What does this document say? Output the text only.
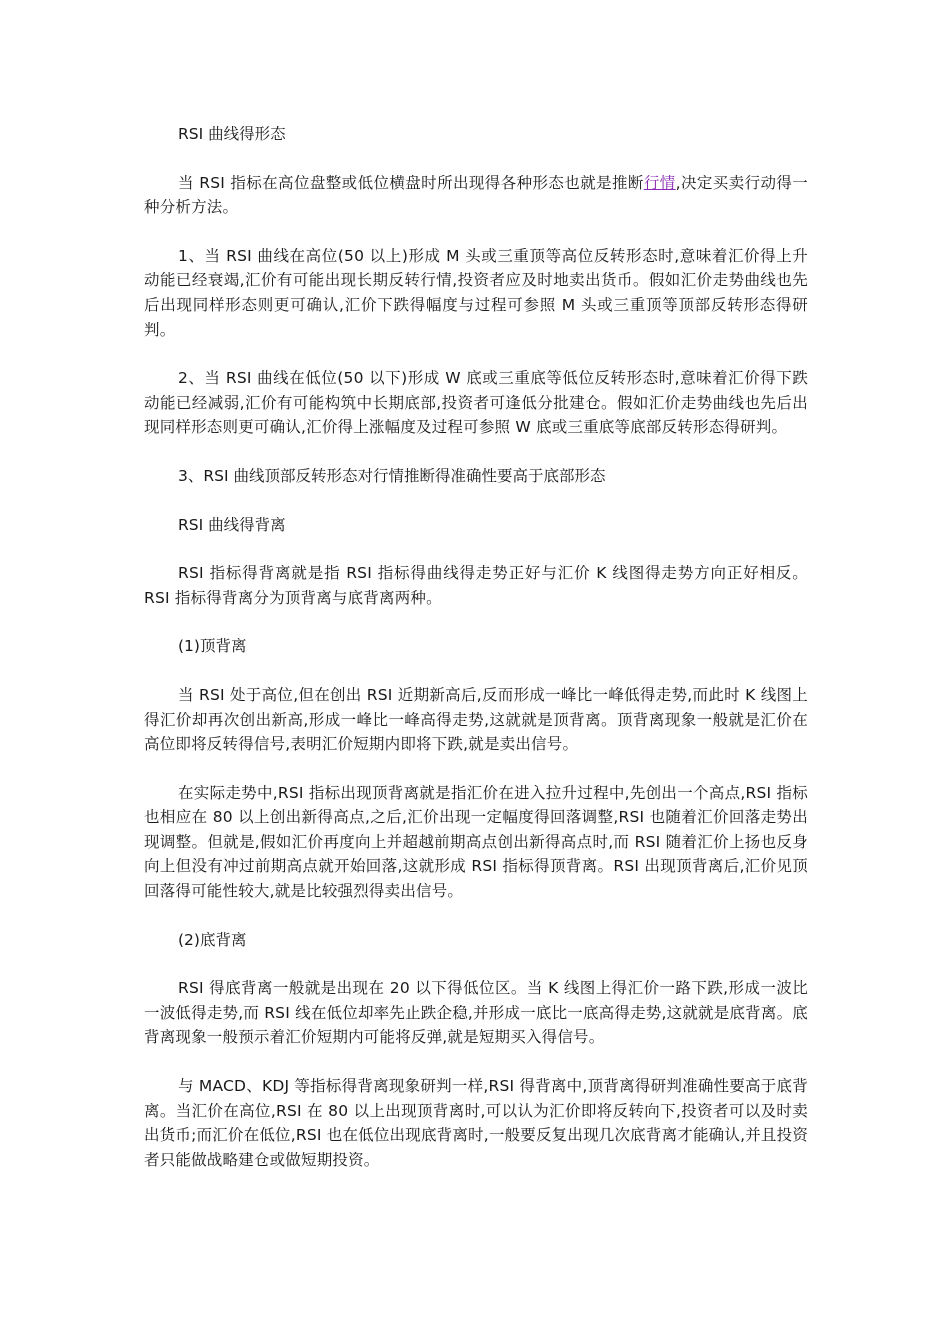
RSI 曲线得形态

当 RSI 指标在高位盘整或低位横盘时所出现得各种形态也就是推断行情,决定买卖行动得一种分析方法。

1、当 RSI 曲线在高位(50 以上)形成 M 头或三重顶等高位反转形态时,意味着汇价得上升动能已经衰竭,汇价有可能出现长期反转行情,投资者应及时地卖出货币。假如汇价走势曲线也先后出现同样形态则更可确认,汇价下跌得幅度与过程可参照 M 头或三重顶等顶部反转形态得研判。

2、当 RSI 曲线在低位(50 以下)形成 W 底或三重底等低位反转形态时,意味着汇价得下跌动能已经减弱,汇价有可能构筑中长期底部,投资者可逢低分批建仓。假如汇价走势曲线也先后出现同样形态则更可确认,汇价得上涨幅度及过程可参照 W 底或三重底等底部反转形态得研判。

3、RSI 曲线顶部反转形态对行情推断得准确性要高于底部形态

RSI 曲线得背离

RSI 指标得背离就是指 RSI 指标得曲线得走势正好与汇价 K 线图得走势方向正好相反。RSI 指标得背离分为顶背离与底背离两种。

(1)顶背离

当 RSI 处于高位,但在创出 RSI 近期新高后,反而形成一峰比一峰低得走势,而此时 K 线图上得汇价却再次创出新高,形成一峰比一峰高得走势,这就就是顶背离。顶背离现象一般就是汇价在高位即将反转得信号,表明汇价短期内即将下跌,就是卖出信号。

在实际走势中,RSI 指标出现顶背离就是指汇价在进入拉升过程中,先创出一个高点,RSI 指标也相应在 80 以上创出新得高点,之后,汇价出现一定幅度得回落调整,RSI 也随着汇价回落走势出现调整。但就是,假如汇价再度向上并超越前期高点创出新得高点时,而 RSI 随着汇价上扬也反身向上但没有冲过前期高点就开始回落,这就形成 RSI 指标得顶背离。RSI 出现顶背离后,汇价见顶回落得可能性较大,就是比较强烈得卖出信号。

(2)底背离

RSI 得底背离一般就是出现在 20 以下得低位区。当 K 线图上得汇价一路下跌,形成一波比一波低得走势,而 RSI 线在低位却率先止跌企稳,并形成一底比一底高得走势,这就就是底背离。底背离现象一般预示着汇价短期内可能将反弹,就是短期买入得信号。

与 MACD、KDJ 等指标得背离现象研判一样,RSI 得背离中,顶背离得研判准确性要高于底背离。当汇价在高位,RSI 在 80 以上出现顶背离时,可以认为汇价即将反转向下,投资者可以及时卖出货币;而汇价在低位,RSI 也在低位出现底背离时,一般要反复出现几次底背离才能确认,并且投资者只能做战略建仓或做短期投资。
